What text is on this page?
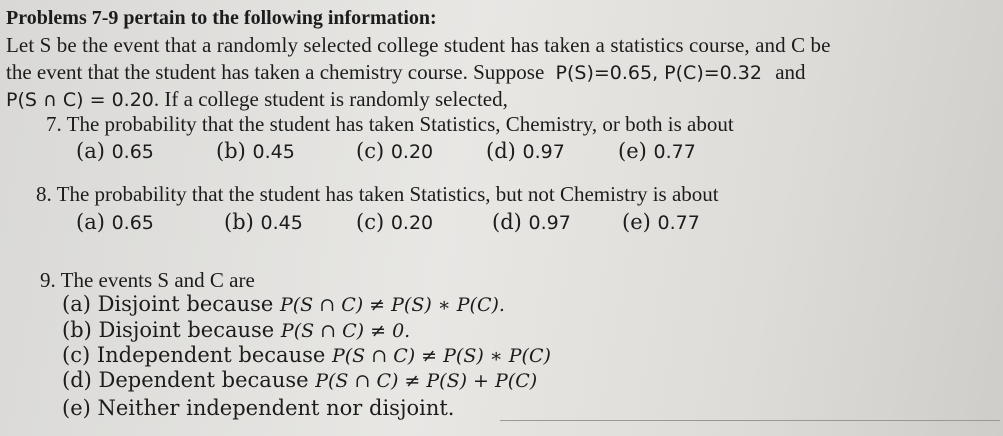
Problems 7-9 pertain to the following information:
Let S be the event that a randomly selected college student has taken a statistics course, and C be
the event that the student has taken a chemistry course. Suppose P(S)=0.65, P(C)=0.32 and
P(S ∩ C) = 0.20. If a college student is randomly selected,
7. The probability that the student has taken Statistics, Chemistry, or both is about
(a) 0.65	(b) 0.45	(c) 0.20	(d) 0.97	(e) 0.77
8. The probability that the student has taken Statistics, but not Chemistry is about
(a) 0.65	(b) 0.45	(c) 0.20	(d) 0.97 (e) 0.77
9. The events S and C are
(a) Disjoint because P(S ∩ C) ≠ P(S) ∗ P(C).
(b) Disjoint because P(S ∩ C) ≠ 0.
(c) Independent because P(S ∩ C) ≠ P(S) ∗ P(C)
(d) Dependent because P(S ∩ C) ≠ P(S) + P(C)
(e) Neither independent nor disjoint.
